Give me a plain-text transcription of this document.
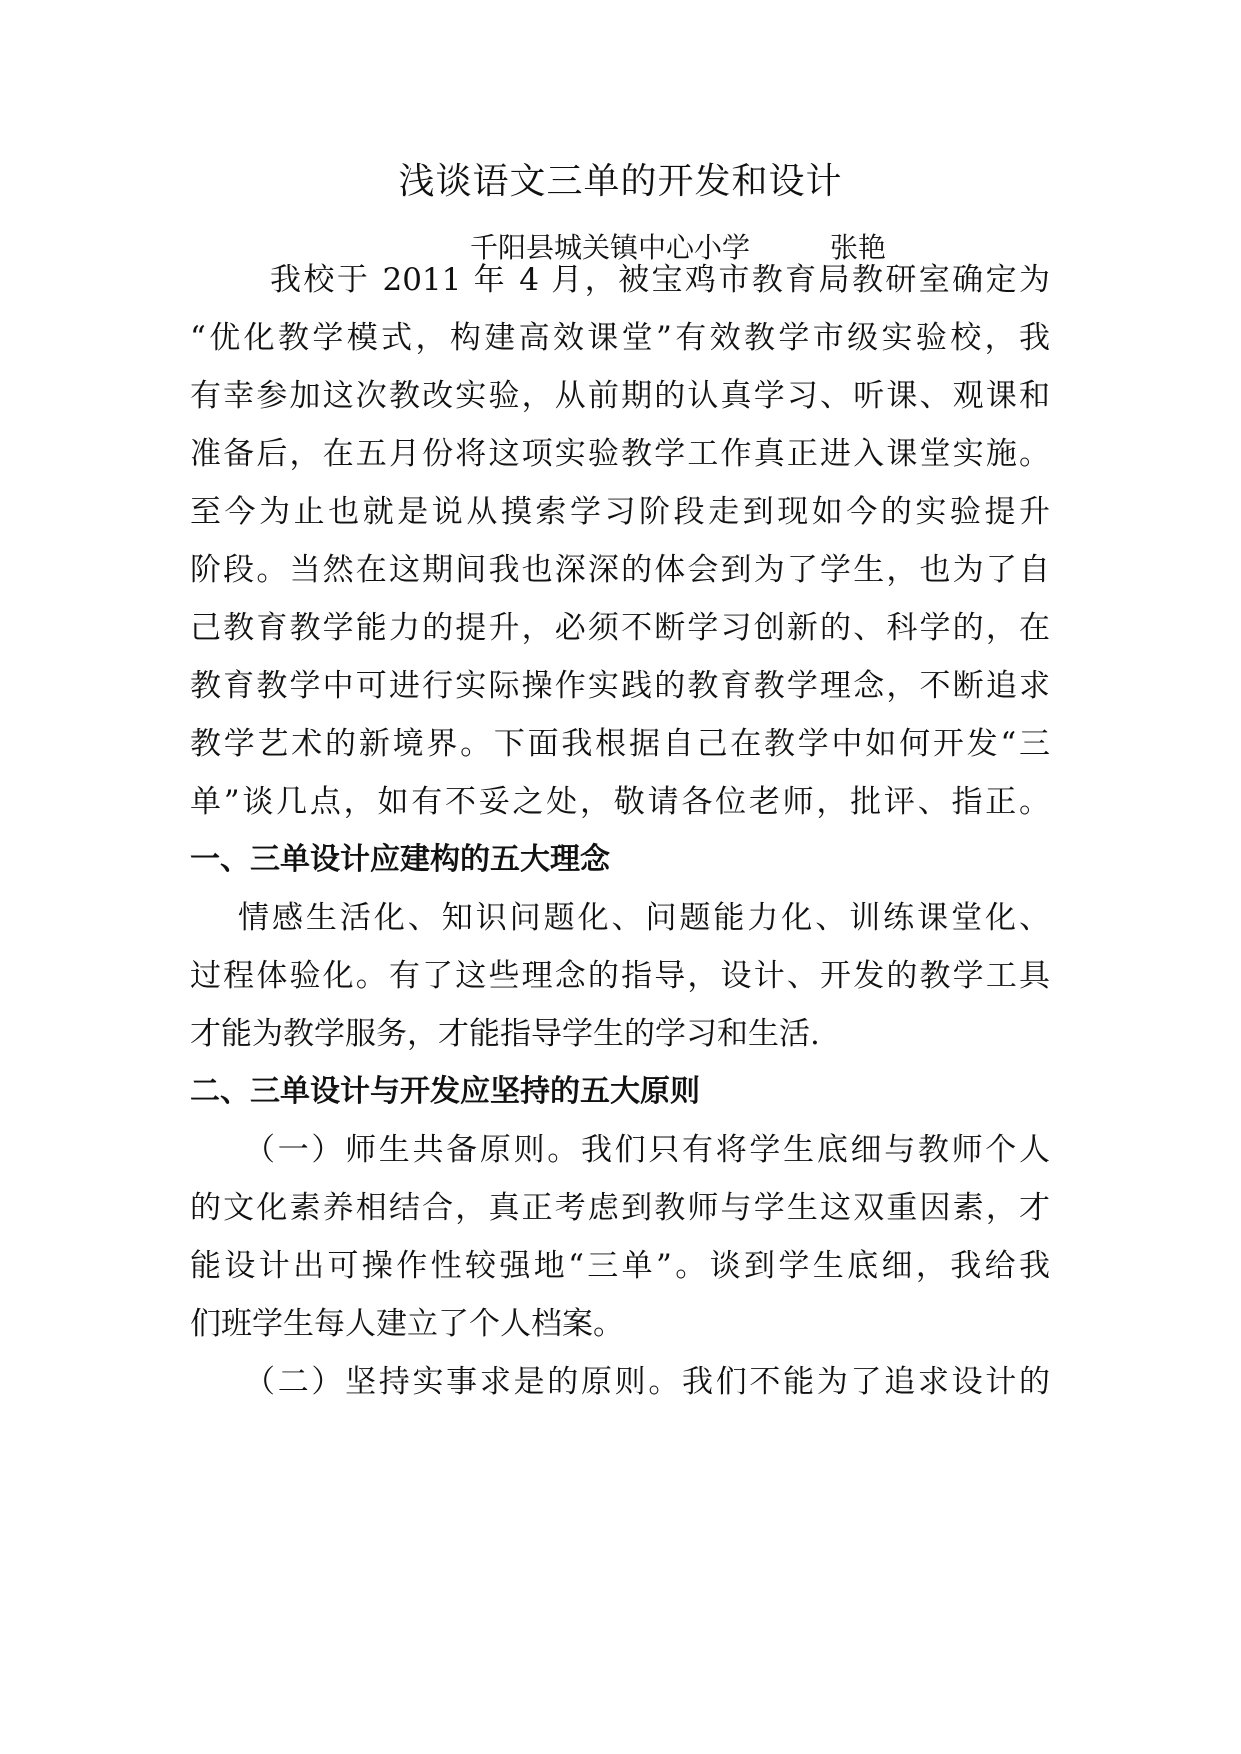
浅谈语文三单的开发和设计
千阳县城关镇中心小学	张艳
我校于 2011 年 4 月，被宝鸡市教育局教研室确定为
“优化教学模式，构建高效课堂”有效教学市级实验校，我
有幸参加这次教改实验，从前期的认真学习、听课、观课和
准备后，在五月份将这项实验教学工作真正进入课堂实施。
至今为止也就是说从摸索学习阶段走到现如今的实验提升
阶段。当然在这期间我也深深的体会到为了学生，也为了自
己教育教学能力的提升，必须不断学习创新的、科学的，在
教育教学中可进行实际操作实践的教育教学理念，不断追求
教学艺术的新境界。下面我根据自己在教学中如何开发“三
单”谈几点，如有不妥之处，敬请各位老师，批评、指正。
一、三单设计应建构的五大理念
情感生活化、知识问题化、问题能力化、训练课堂化、
过程体验化。有了这些理念的指导，设计、开发的教学工具
才能为教学服务，才能指导学生的学习和生活.
二、三单设计与开发应坚持的五大原则
（一）师生共备原则。我们只有将学生底细与教师个人
的文化素养相结合，真正考虑到教师与学生这双重因素，才
能设计出可操作性较强地“三单”。谈到学生底细，我给我
们班学生每人建立了个人档案。
（二）坚持实事求是的原则。我们不能为了追求设计的
